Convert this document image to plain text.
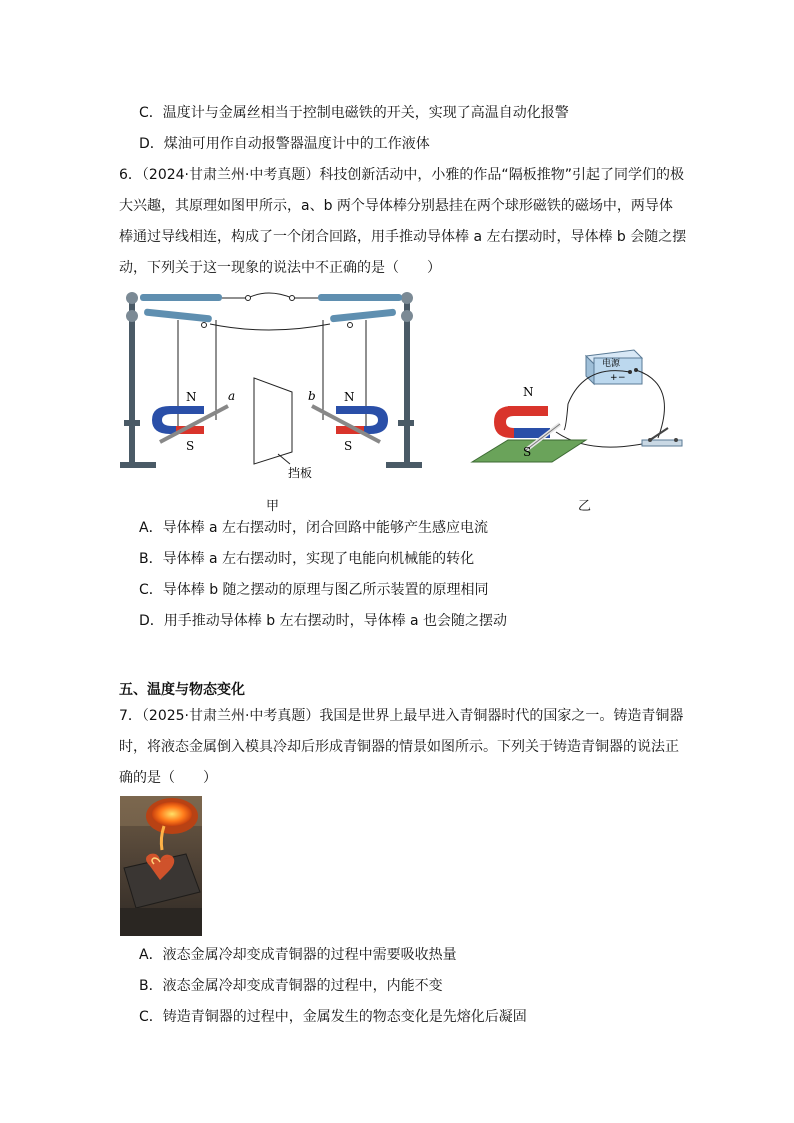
C．温度计与金属丝相当于控制电磁铁的开关，实现了高温自动化报警
D．煤油可用作自动报警器温度计中的工作液体
6．（2024·甘肃兰州·中考真题）科技创新活动中，小雅的作品“隔板推物”引起了同学们的极
大兴趣，其原理如图甲所示，a、b 两个导体棒分别悬挂在两个球形磁铁的磁场中，两导体
棒通过导线相连，构成了一个闭合回路，用手推动导体棒 a 左右摆动时，导体棒 b 会随之摆
动，下列关于这一现象的说法中不正确的是（　　）
N
S
a	N
S
b
挡板
甲
电源
+ −
N
S
乙
A．导体棒 a 左右摆动时，闭合回路中能够产生感应电流
B．导体棒 a 左右摆动时，实现了电能向机械能的转化
C．导体棒 b 随之摆动的原理与图乙所示装置的原理相同
D．用手推动导体棒 b 左右摆动时，导体棒 a 也会随之摆动
五、温度与物态变化
7．（2025·甘肃兰州·中考真题）我国是世界上最早进入青铜器时代的国家之一。铸造青铜器
时，将液态金属倒入模具冷却后形成青铜器的情景如图所示。下列关于铸造青铜器的说法正
确的是（　　）
A．液态金属冷却变成青铜器的过程中需要吸收热量
B．液态金属冷却变成青铜器的过程中，内能不变
C．铸造青铜器的过程中，金属发生的物态变化是先熔化后凝固
